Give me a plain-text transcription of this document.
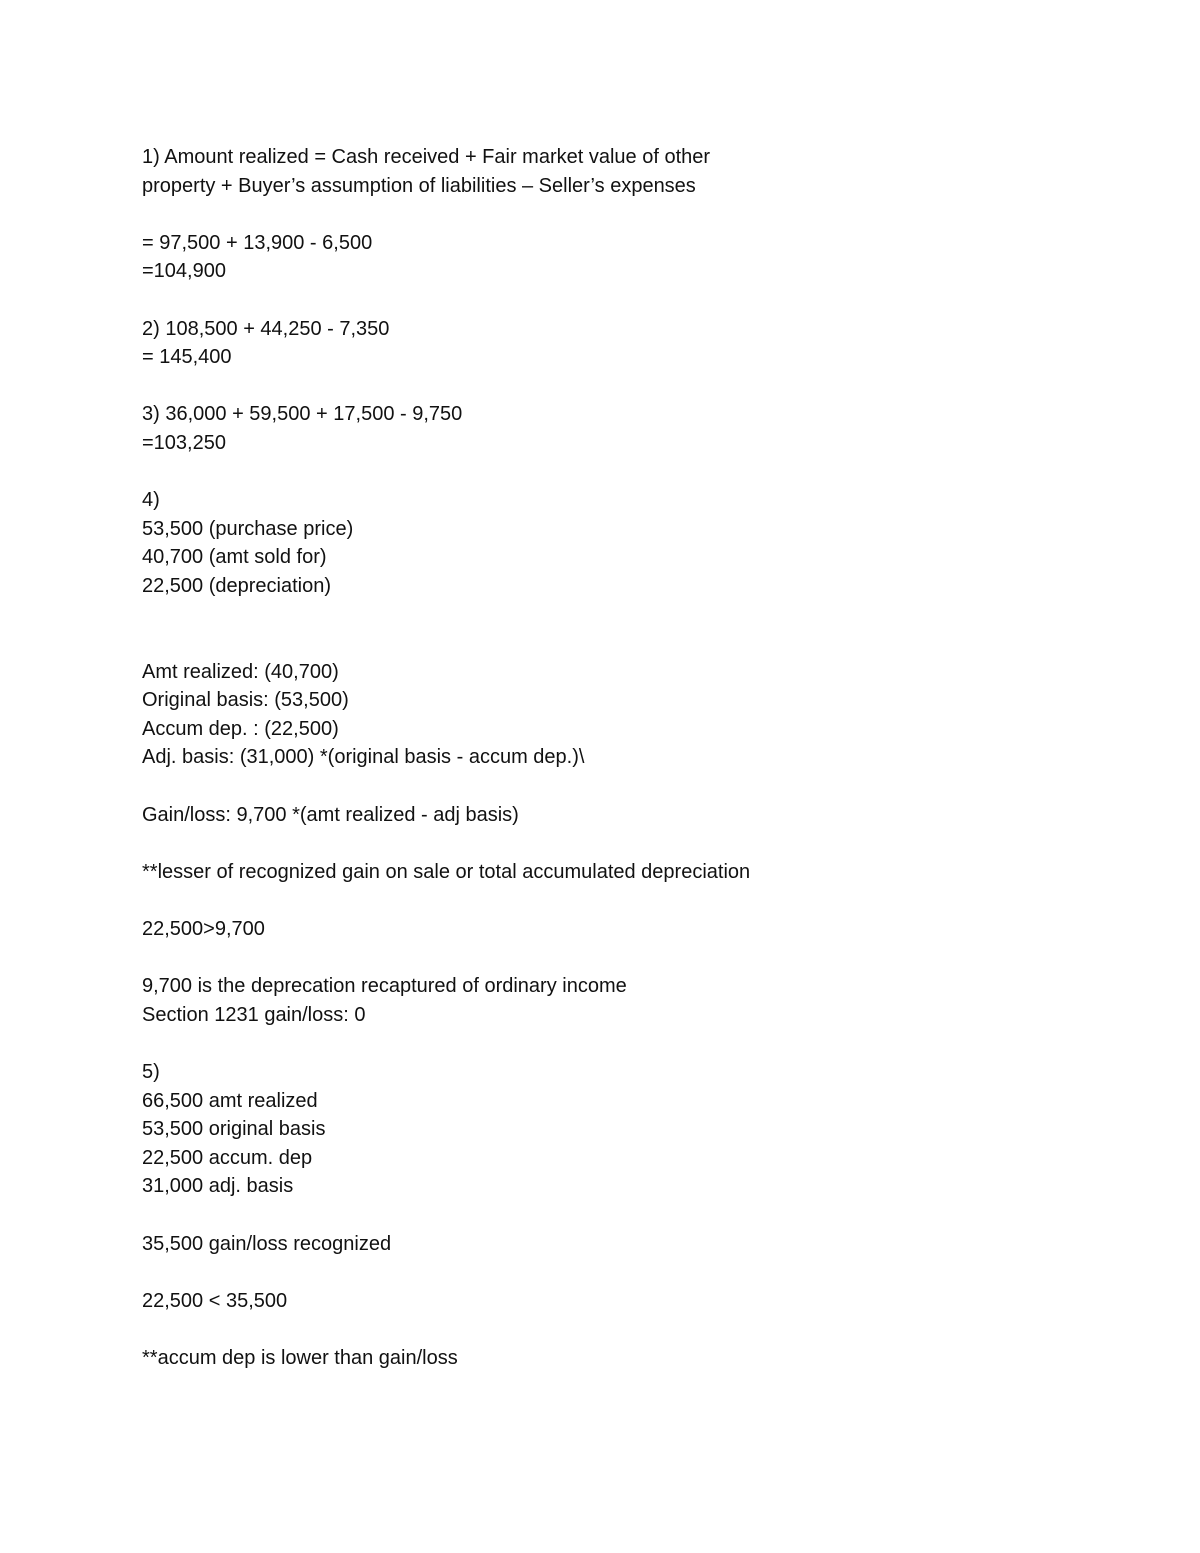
1) Amount realized = Cash received + Fair market value of other
property + Buyer’s assumption of liabilities – Seller’s expenses
= 97,500 + 13,900 - 6,500
=104,900
2) 108,500 + 44,250 - 7,350
= 145,400
3) 36,000 + 59,500 + 17,500 - 9,750
=103,250
4)
53,500 (purchase price)
40,700 (amt sold for)
22,500 (depreciation)
Amt realized: (40,700)
Original basis: (53,500)
Accum dep. : (22,500)
Adj. basis: (31,000) *(original basis - accum dep.)\
Gain/loss: 9,700 *(amt realized - adj basis)
**lesser of recognized gain on sale or total accumulated depreciation
22,500>9,700
9,700 is the deprecation recaptured of ordinary income
Section 1231 gain/loss: 0
5)
66,500 amt realized
53,500 original basis
22,500 accum. dep
31,000 adj. basis
35,500 gain/loss recognized
22,500 < 35,500
**accum dep is lower than gain/loss
